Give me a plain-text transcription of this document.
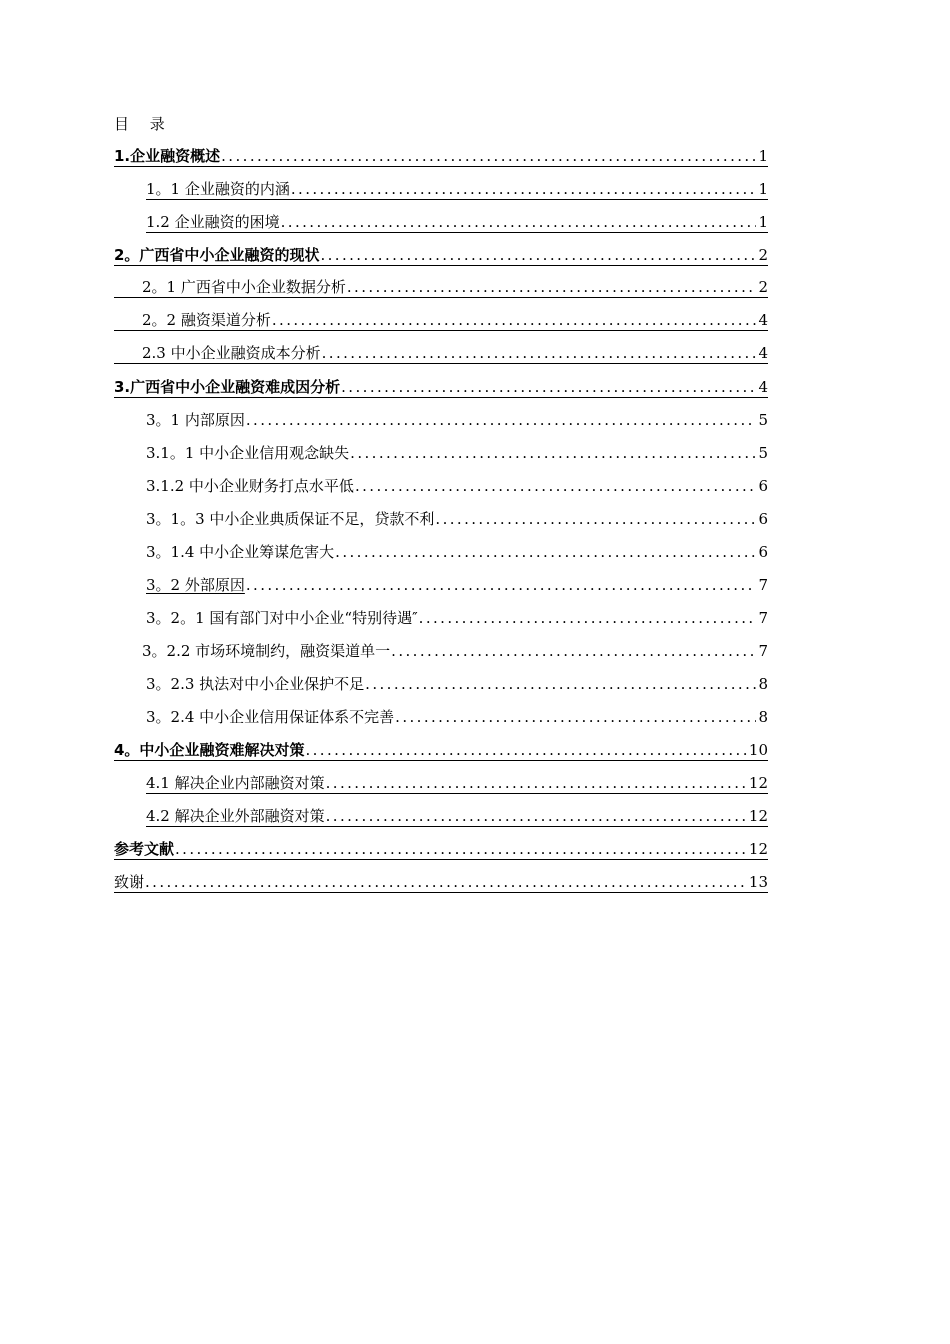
目 录
1.企业融资概述 .....	1
1。1 企业融资的内涵 .....	1
1.2 企业融资的困境 .....	1
2。广西省中小企业融资的现状 .....	2
2。1 广西省中小企业数据分析 .....	2
2。2 融资渠道分析 .....	4
2.3 中小企业融资成本分析 .....	4
3.广西省中小企业融资难成因分析 .....	4
3。1 内部原因 .....	5
3.1。1 中小企业信用观念缺失 .....	5
3.1.2 中小企业财务打点水平低 .....	6
3。1。3 中小企业典质保证不足，贷款不利 .....	6
3。1.4 中小企业筹谋危害大 .....	6
3。2 外部原因 .....	7
3。2。1 国有部门对中小企业“特别待遇″ .....	7
3。2.2 市场环境制约，融资渠道单一 .....	7
3。2.3 执法对中小企业保护不足 .....	8
3。2.4 中小企业信用保证体系不完善 .....	8
4。中小企业融资难解决对策 .....	10
4.1 解决企业内部融资对策 .....	12
4.2 解决企业外部融资对策 .....	12
参考文献 .....	12
致谢 .....	13
